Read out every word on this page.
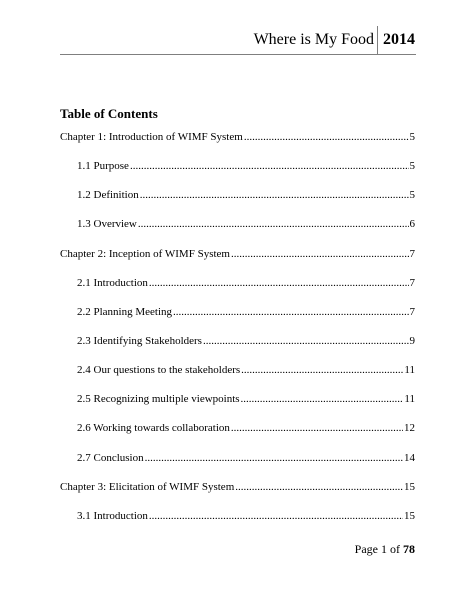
Where is My Food 2014
Table of Contents
Chapter 1: Introduction of WIMF System .....	5
1.1 Purpose .....	5
1.2 Definition .....	5
1.3 Overview .....	6
Chapter 2: Inception of WIMF System .....	7
2.1 Introduction .....	7
2.2 Planning Meeting .....	7
2.3 Identifying Stakeholders .....	9
2.4 Our questions to the stakeholders .....	11
2.5 Recognizing multiple viewpoints .....	11
2.6 Working towards collaboration .....	12
2.7 Conclusion .....	14
Chapter 3: Elicitation of WIMF System .....	15
3.1 Introduction .....	15
Page 1 of 78
